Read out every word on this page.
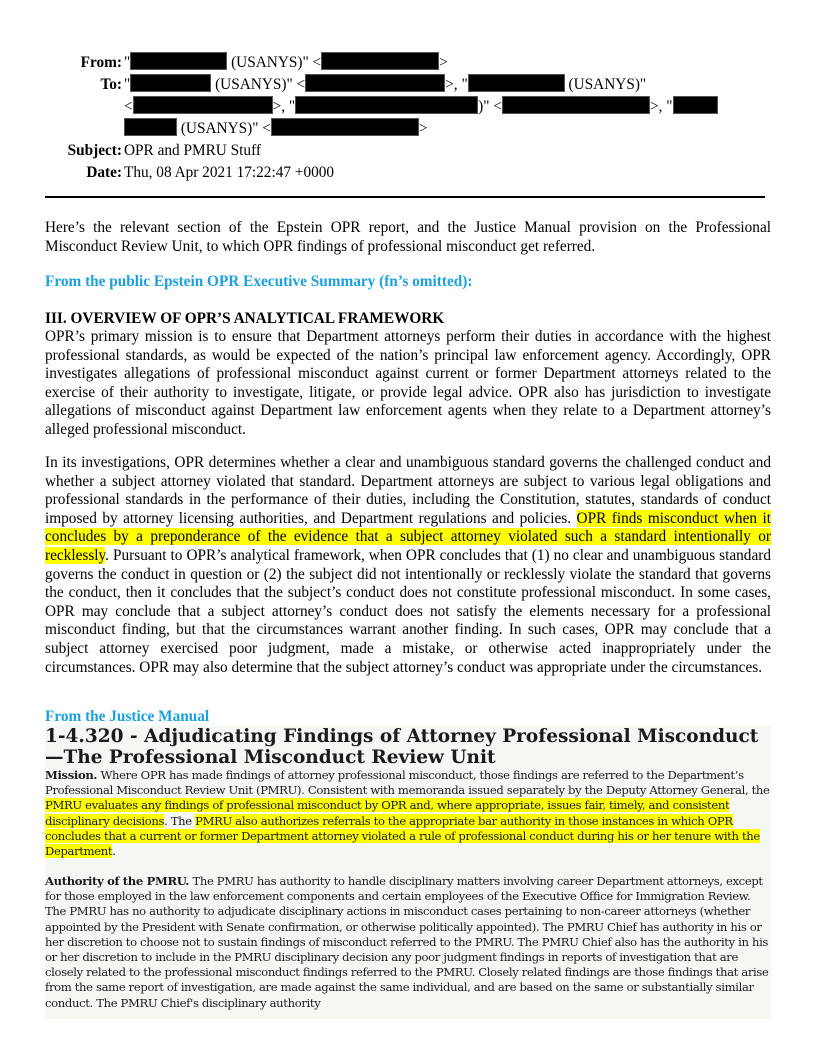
From: "	(USANYS)" <	>
To: "	(USANYS)" <	>, "	(USANYS)"
<	>, "	)" <	>, "
(USANYS)" <	>
Subject: OPR and PMRU Stuff
Date: Thu, 08 Apr 2021 17:22:47 +0000
Here’s the relevant section of the Epstein OPR report, and the Justice Manual provision on the Professional Misconduct Review Unit, to which OPR findings of professional misconduct get referred.
From the public Epstein OPR Executive Summary (fn’s omitted):
III. OVERVIEW OF OPR’S ANALYTICAL FRAMEWORK
OPR’s primary mission is to ensure that Department attorneys perform their duties in accordance with the highest professional standards, as would be expected of the nation’s principal law enforcement agency. Accordingly, OPR investigates allegations of professional misconduct against current or former Department attorneys related to the exercise of their authority to investigate, litigate, or provide legal advice. OPR also has jurisdiction to investigate allegations of misconduct against Department law enforcement agents when they relate to a Department attorney’s alleged professional misconduct.
In its investigations, OPR determines whether a clear and unambiguous standard governs the challenged conduct and whether a subject attorney violated that standard. Department attorneys are subject to various legal obligations and professional standards in the performance of their duties, including the Constitution, statutes, standards of conduct imposed by attorney licensing authorities, and Department regulations and policies. OPR finds misconduct when it concludes by a preponderance of the evidence that a subject attorney violated such a standard intentionally or recklessly. Pursuant to OPR’s analytical framework, when OPR concludes that (1) no clear and unambiguous standard governs the conduct in question or (2) the subject did not intentionally or recklessly violate the standard that governs the conduct, then it concludes that the subject’s conduct does not constitute professional misconduct. In some cases, OPR may conclude that a subject attorney’s conduct does not satisfy the elements necessary for a professional misconduct finding, but that the circumstances warrant another finding. In such cases, OPR may conclude that a subject attorney exercised poor judgment, made a mistake, or otherwise acted inappropriately under the circumstances. OPR may also determine that the subject attorney’s conduct was appropriate under the circumstances.
From the Justice Manual
1-4.320 - Adjudicating Findings of Attorney Professional Misconduct—The Professional Misconduct Review Unit
Mission. Where OPR has made findings of attorney professional misconduct, those findings are referred to the Department’s Professional Misconduct Review Unit (PMRU). Consistent with memoranda issued separately by the Deputy Attorney General, the PMRU evaluates any findings of professional misconduct by OPR and, where appropriate, issues fair, timely, and consistent disciplinary decisions. The PMRU also authorizes referrals to the appropriate bar authority in those instances in which OPR concludes that a current or former Department attorney violated a rule of professional conduct during his or her tenure with the Department.
Authority of the PMRU. The PMRU has authority to handle disciplinary matters involving career Department attorneys, except for those employed in the law enforcement components and certain employees of the Executive Office for Immigration Review. The PMRU has no authority to adjudicate disciplinary actions in misconduct cases pertaining to non-career attorneys (whether appointed by the President with Senate confirmation, or otherwise politically appointed). The PMRU Chief has authority in his or her discretion to choose not to sustain findings of misconduct referred to the PMRU. The PMRU Chief also has the authority in his or her discretion to include in the PMRU disciplinary decision any poor judgment findings in reports of investigation that are closely related to the professional misconduct findings referred to the PMRU. Closely related findings are those findings that arise from the same report of investigation, are made against the same individual, and are based on the same or substantially similar conduct. The PMRU Chief's disciplinary authority
